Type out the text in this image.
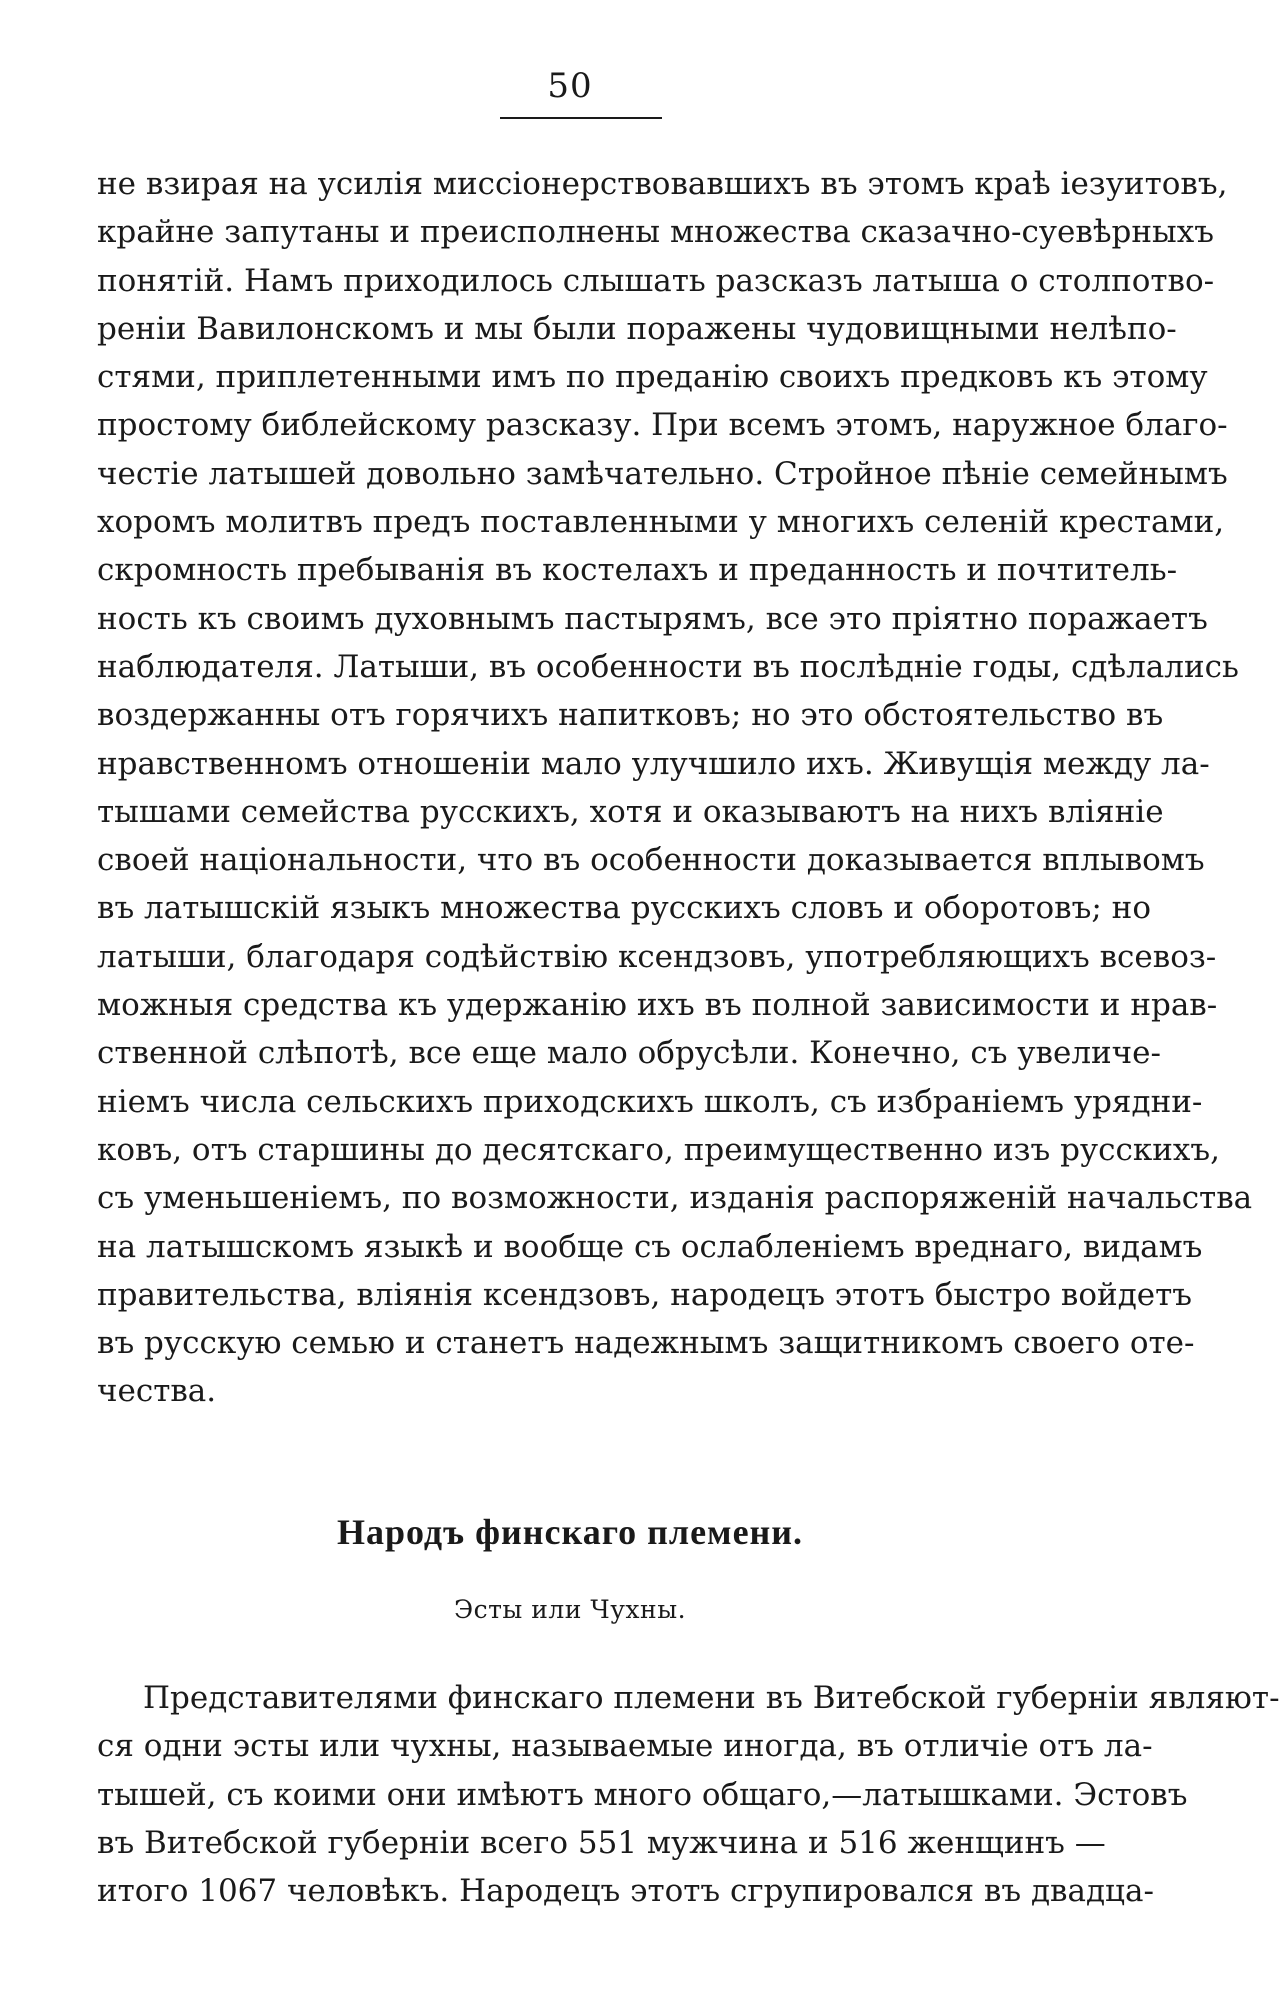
50
не взирая на усилія миссіонерствовавшихъ въ этомъ краѣ іезуитовъ,
крайне запутаны и преисполнены множества сказачно-суевѣрныхъ
понятій. Намъ приходилось слышать разсказъ латыша о столпотво-
реніи Вавилонскомъ и мы были поражены чудовищными нелѣпо-
стями, приплетенными имъ по преданію своихъ предковъ къ этому
простому библейскому разсказу. При всемъ этомъ, наружное благо-
честіе латышей довольно замѣчательно. Стройное пѣніе семейнымъ
хоромъ молитвъ предъ поставленными у многихъ селеній крестами,
скромность пребыванія въ костелахъ и преданность и почтитель-
ность къ своимъ духовнымъ пастырямъ, все это пріятно поражаетъ
наблюдателя. Латыши, въ особенности въ послѣдніе годы, сдѣлались
воздержанны отъ горячихъ напитковъ; но это обстоятельство въ
нравственномъ отношеніи мало улучшило ихъ. Живущія между ла-
тышами семейства русскихъ, хотя и оказываютъ на нихъ вліяніе
своей національности, что въ особенности доказывается вплывомъ
въ латышскій языкъ множества русскихъ словъ и оборотовъ; но
латыши, благодаря содѣйствію ксендзовъ, употребляющихъ всевоз-
можныя средства къ удержанію ихъ въ полной зависимости и нрав-
ственной слѣпотѣ, все еще мало обрусѣли. Конечно, съ увеличе-
ніемъ числа сельскихъ приходскихъ школъ, съ избраніемъ урядни-
ковъ, отъ старшины до десятскаго, преимущественно изъ русскихъ,
съ уменьшеніемъ, по возможности, изданія распоряженій начальства
на латышскомъ языкѣ и вообще съ ослабленіемъ вреднаго, видамъ
правительства, вліянія ксендзовъ, народецъ этотъ быстро войдетъ
въ русскую семью и станетъ надежнымъ защитникомъ своего оте-
чества.
Народъ финскаго племени.
Эсты или Чухны.
Представителями финскаго племени въ Витебской губерніи являют-
ся одни эсты или чухны, называемые иногда, въ отличіе отъ ла-
тышей, съ коими они имѣютъ много общаго,—латышками. Эстовъ
въ Витебской губерніи всего 551 мужчина и 516 женщинъ —
итого 1067 человѣкъ. Народецъ этотъ сгрупировался въ двадца-
